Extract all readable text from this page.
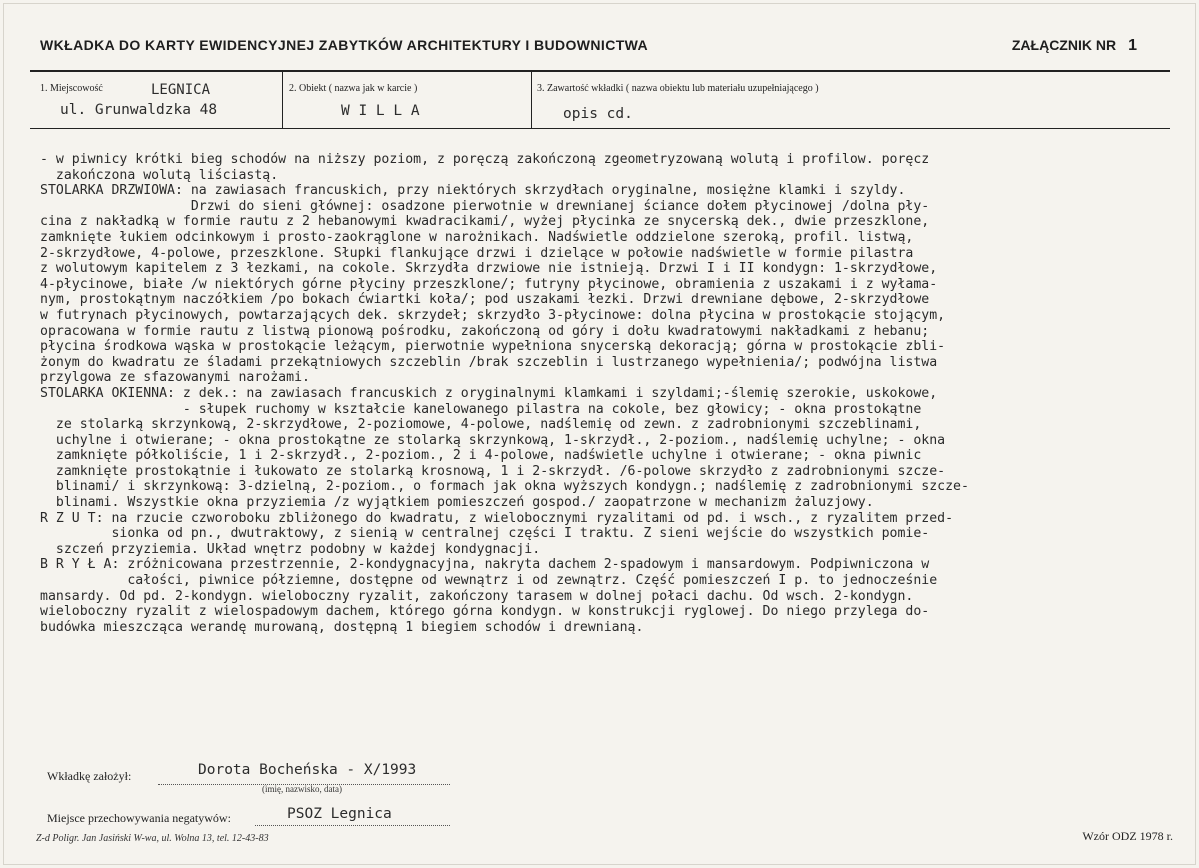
WKŁADKA DO KARTY EWIDENCYJNEJ ZABYTKÓW ARCHITEKTURY I BUDOWNICTWA	ZAŁĄCZNIK NR 1
1. Miejscowość	LEGNICA
ul. Grunwaldzka 48
2. Obiekt ( nazwa jak w karcie )
W I L L A
3. Zawartość wkładki ( nazwa obiektu lub materiału uzupełniającego )
opis cd.

- w piwnicy krótki bieg schodów na niższy poziom, z poręczą zakończoną zgeometryzowaną wolutą i profilow. poręcz

zakończona wolutą liściastą.

STOLARKA DRZWIOWA: na zawiasach francuskich, przy niektórych skrzydłach oryginalne, mosiężne klamki i szyldy.

Drzwi do sieni głównej: osadzone pierwotnie w drewnianej ściance dołem płycinowej /dolna pły-

cina z nakładką w formie rautu z 2 hebanowymi kwadracikami/, wyżej płycinka ze snycerską dek., dwie przeszklone,

zamknięte łukiem odcinkowym i prosto-zaokrąglone w narożnikach. Nadświetle oddzielone szeroką, profil. listwą,

2-skrzydłowe, 4-polowe, przeszklone. Słupki flankujące drzwi i dzielące w połowie nadświetle w formie pilastra

z wolutowym kapitelem z 3 łezkami, na cokole. Skrzydła drzwiowe nie istnieją. Drzwi I i II kondygn: 1-skrzydłowe,

4-płycinowe, białe /w niektórych górne płyciny przeszklone/; futryny płycinowe, obramienia z uszakami i z wyłama-

nym, prostokątnym naczółkiem /po bokach ćwiartki koła/; pod uszakami łezki. Drzwi drewniane dębowe, 2-skrzydłowe

w futrynach płycinowych, powtarzających dek. skrzydeł; skrzydło 3-płycinowe: dolna płycina w prostokącie stojącym,

opracowana w formie rautu z listwą pionową pośrodku, zakończoną od góry i dołu kwadratowymi nakładkami z hebanu;

płycina środkowa wąska w prostokącie leżącym, pierwotnie wypełniona snycerską dekoracją; górna w prostokącie zbli-

żonym do kwadratu ze śladami przekątniowych szczeblin /brak szczeblin i lustrzanego wypełnienia/; podwójna listwa

przylgowa ze sfazowanymi narożami.

STOLARKA OKIENNA: z dek.: na zawiasach francuskich z oryginalnymi klamkami i szyldami;-ślemię szerokie, uskokowe,

- słupek ruchomy w kształcie kanelowanego pilastra na cokole, bez głowicy; - okna prostokątne

ze stolarką skrzynkową, 2-skrzydłowe, 2-poziomowe, 4-polowe, nadślemię od zewn. z zadrobnionymi szczeblinami,

uchylne i otwierane; - okna prostokątne ze stolarką skrzynkową, 1-skrzydł., 2-poziom., nadślemię uchylne; - okna

zamknięte półkoliście, 1 i 2-skrzydł., 2-poziom., 2 i 4-polowe, nadświetle uchylne i otwierane; - okna piwnic

zamknięte prostokątnie i łukowato ze stolarką krosnową, 1 i 2-skrzydł. /6-polowe skrzydło z zadrobnionymi szcze-

blinami/ i skrzynkową: 3-dzielną, 2-poziom., o formach jak okna wyższych kondygn.; nadślemię z zadrobnionymi szcze-

blinami. Wszystkie okna przyziemia /z wyjątkiem pomieszczeń gospod./ zaopatrzone w mechanizm żaluzjowy.

R Z U T: na rzucie czworoboku zbliżonego do kwadratu, z wielobocznymi ryzalitami od pd. i wsch., z ryzalitem przed-

sionka od pn., dwutraktowy, z sienią w centralnej części I traktu. Z sieni wejście do wszystkich pomie-

szczeń przyziemia. Układ wnętrz podobny w każdej kondygnacji.

B R Y Ł A: zróżnicowana przestrzennie, 2-kondygnacyjna, nakryta dachem 2-spadowym i mansardowym. Podpiwniczona w

całości, piwnice półziemne, dostępne od wewnątrz i od zewnątrz. Część pomieszczeń I p. to jednocześnie

mansardy. Od pd. 2-kondygn. wieloboczny ryzalit, zakończony tarasem w dolnej połaci dachu. Od wsch. 2-kondygn.

wieloboczny ryzalit z wielospadowym dachem, którego górna kondygn. w konstrukcji ryglowej. Do niego przylega do-

budówka mieszcząca werandę murowaną, dostępną 1 biegiem schodów i drewnianą.

Wkładkę założył:	Dorota Bocheńska - X/1993
(imię, nazwisko, data)
Miejsce przechowywania negatywów:	PSOZ Legnica
Z-d Poligr. Jan Jasiński W-wa, ul. Wolna 13, tel. 12-43-83	Wzór ODZ 1978 r.
